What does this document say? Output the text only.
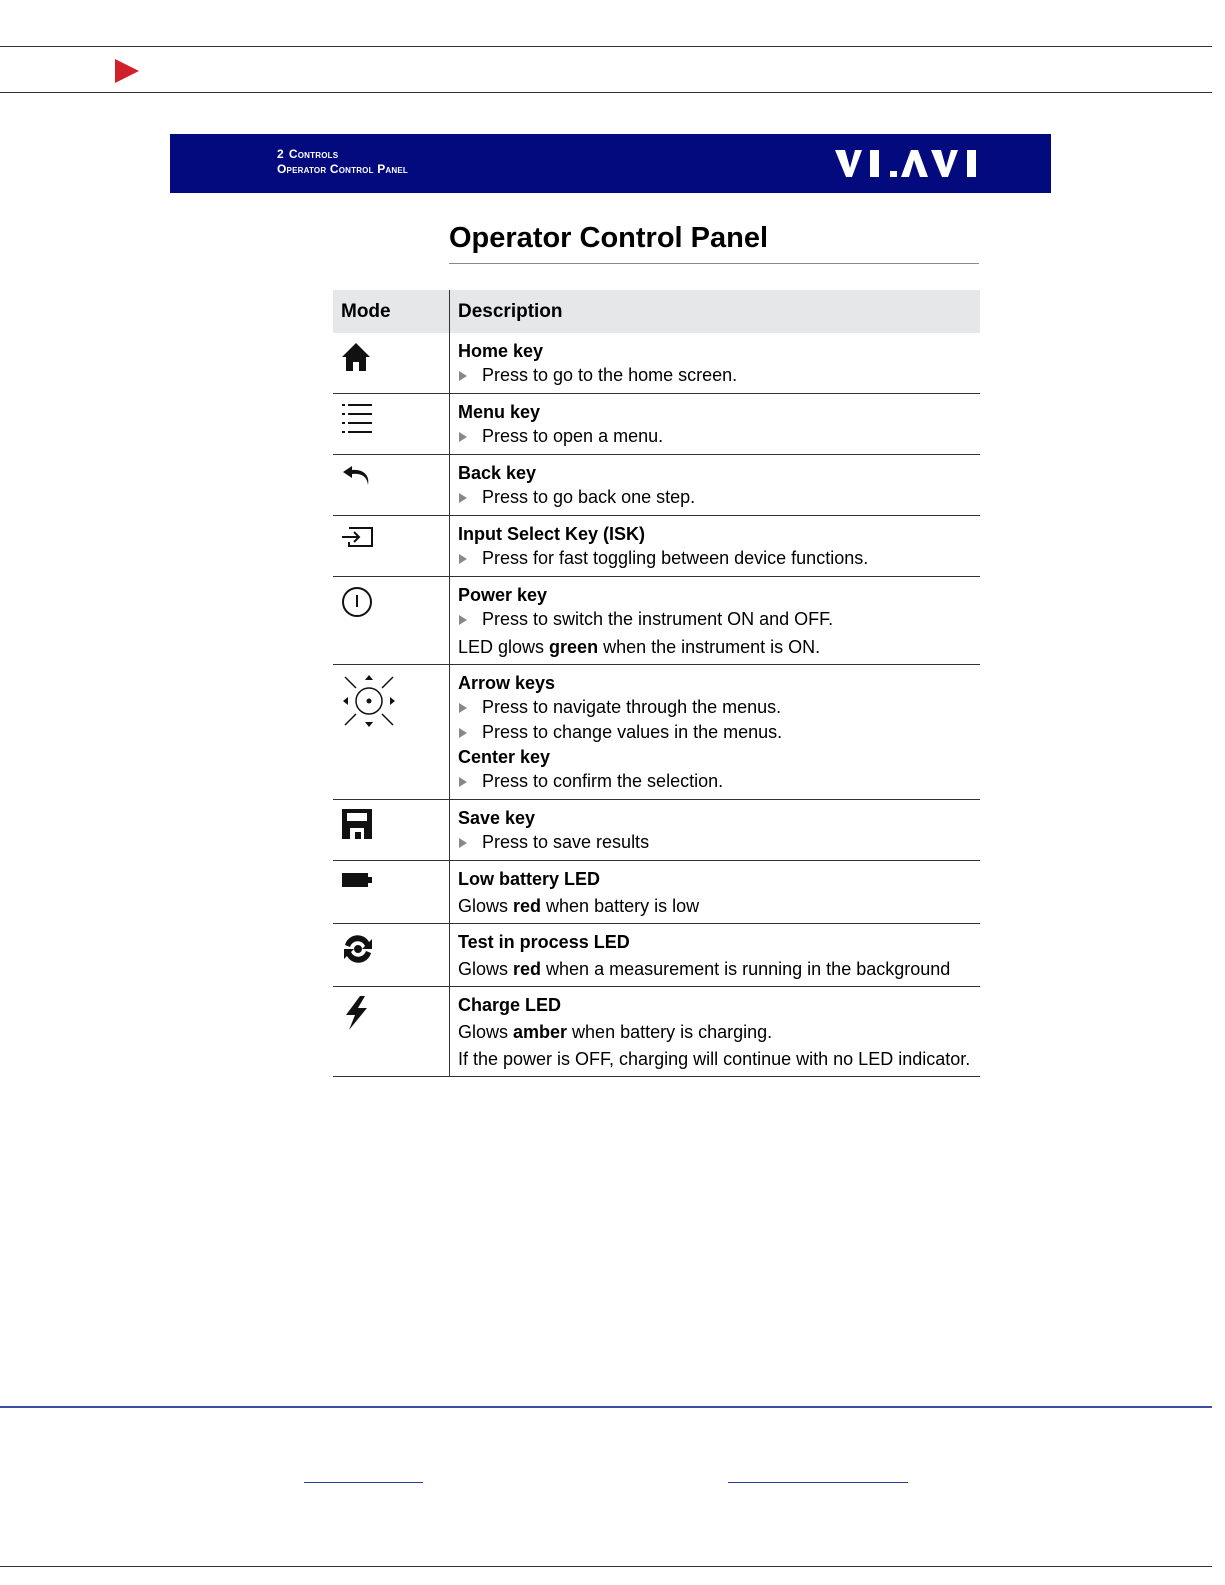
2 Controls
Operator Control Panel
Operator Control Panel
Mode	Description

Home key
Press to go to the home screen.

Menu key
Press to open a menu.

Back key
Press to go back one step.

Input Select Key (ISK)
Press for fast toggling between device functions.

Power key
Press to switch the instrument ON and OFF.
LED glows green when the instrument is ON.

Arrow keys
Press to navigate through the menus.
Press to change values in the menus.
Center key
Press to confirm the selection.

Save key
Press to save results

Low battery LED
Glows red when battery is low

Test in process LED
Glows red when a measurement is running in the background

Charge LED
Glows amber when battery is charging.
If the power is OFF, charging will continue with no LED indicator.
